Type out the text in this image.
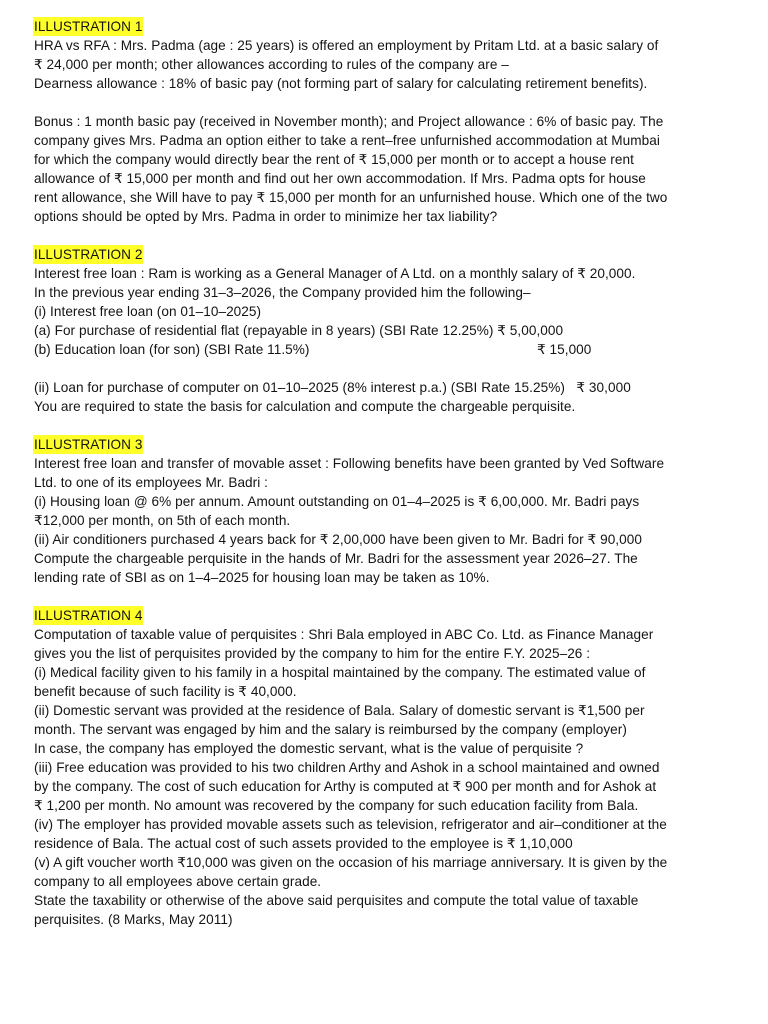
ILLUSTRATION 1
HRA vs RFA : Mrs. Padma (age : 25 years) is offered an employment by Pritam Ltd. at a basic salary of
₹ 24,000 per month; other allowances according to rules of the company are –
Dearness allowance : 18% of basic pay (not forming part of salary for calculating retirement benefits).
Bonus : 1 month basic pay (received in November month); and Project allowance : 6% of basic pay. The
company gives Mrs. Padma an option either to take a rent–free unfurnished accommodation at Mumbai
for which the company would directly bear the rent of ₹ 15,000 per month or to accept a house rent
allowance of ₹ 15,000 per month and find out her own accommodation. If Mrs. Padma opts for house
rent allowance, she Will have to pay ₹ 15,000 per month for an unfurnished house. Which one of the two
options should be opted by Mrs. Padma in order to minimize her tax liability?
ILLUSTRATION 2
Interest free loan : Ram is working as a General Manager of A Ltd. on a monthly salary of ₹ 20,000.
In the previous year ending 31–3–2026, the Company provided him the following–
(i) Interest free loan (on 01–10–2025)
(a) For purchase of residential flat (repayable in 8 years) (SBI Rate 12.25%) ₹ 5,00,000
(b) Education loan (for son) (SBI Rate 11.5%)	₹ 15,000
(ii) Loan for purchase of computer on 01–10–2025 (8% interest p.a.) (SBI Rate 15.25%)   ₹ 30,000
You are required to state the basis for calculation and compute the chargeable perquisite.
ILLUSTRATION 3
Interest free loan and transfer of movable asset : Following benefits have been granted by Ved Software
Ltd. to one of its employees Mr. Badri :
(i) Housing loan @ 6% per annum. Amount outstanding on 01–4–2025 is ₹ 6,00,000. Mr. Badri pays
₹12,000 per month, on 5th of each month.
(ii) Air conditioners purchased 4 years back for ₹ 2,00,000 have been given to Mr. Badri for ₹ 90,000
Compute the chargeable perquisite in the hands of Mr. Badri for the assessment year 2026–27. The
lending rate of SBI as on 1–4–2025 for housing loan may be taken as 10%.
ILLUSTRATION 4
Computation of taxable value of perquisites : Shri Bala employed in ABC Co. Ltd. as Finance Manager
gives you the list of perquisites provided by the company to him for the entire F.Y. 2025–26 :
(i) Medical facility given to his family in a hospital maintained by the company. The estimated value of
benefit because of such facility is ₹ 40,000.
(ii) Domestic servant was provided at the residence of Bala. Salary of domestic servant is ₹1,500 per
month. The servant was engaged by him and the salary is reimbursed by the company (employer)
In case, the company has employed the domestic servant, what is the value of perquisite ?
(iii) Free education was provided to his two children Arthy and Ashok in a school maintained and owned
by the company. The cost of such education for Arthy is computed at ₹ 900 per month and for Ashok at
₹ 1,200 per month. No amount was recovered by the company for such education facility from Bala.
(iv) The employer has provided movable assets such as television, refrigerator and air–conditioner at the
residence of Bala. The actual cost of such assets provided to the employee is ₹ 1,10,000
(v) A gift voucher worth ₹10,000 was given on the occasion of his marriage anniversary. It is given by the
company to all employees above certain grade.
State the taxability or otherwise of the above said perquisites and compute the total value of taxable
perquisites. (8 Marks, May 2011)
